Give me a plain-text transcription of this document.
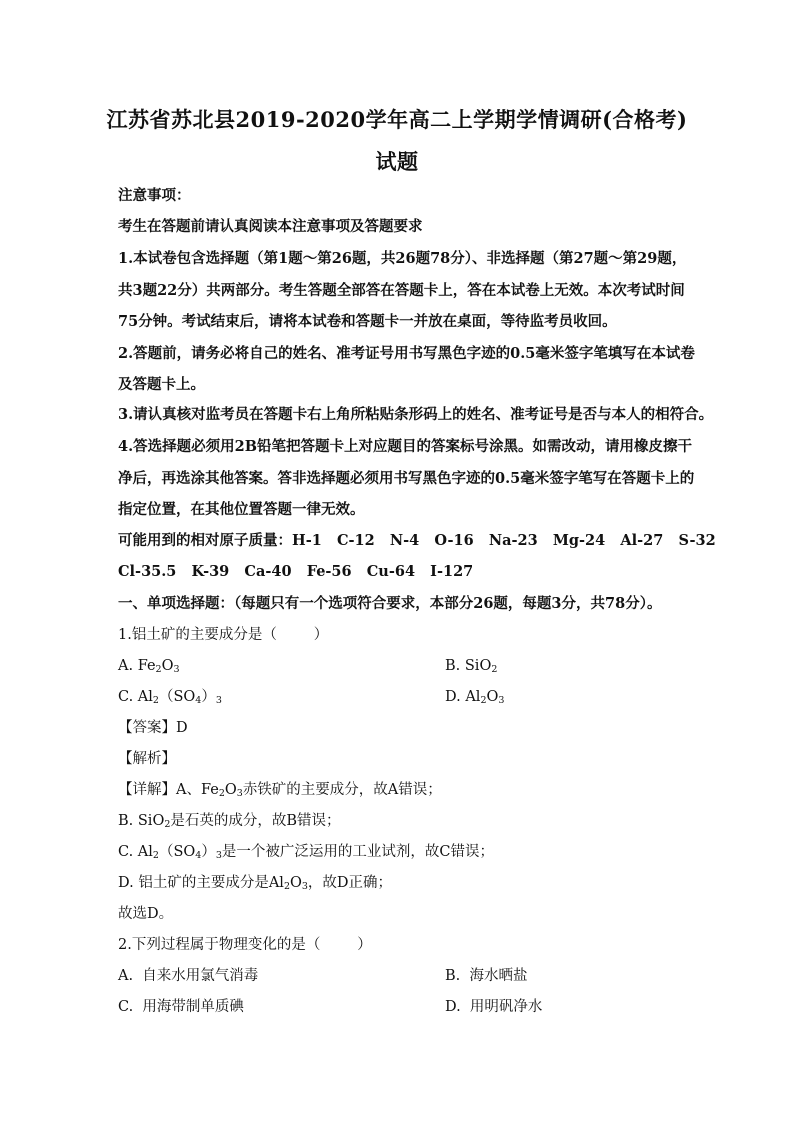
江苏省苏北县2019-2020学年高二上学期学情调研(合格考)
试题
注意事项：
考生在答题前请认真阅读本注意事项及答题要求
1.本试卷包含选择题（第1题～第26题，共26题78分）、非选择题（第27题～第29题，
共3题22分）共两部分。考生答题全部答在答题卡上，答在本试卷上无效。本次考试时间
75分钟。考试结束后，请将本试卷和答题卡一并放在桌面，等待监考员收回。
2.答题前，请务必将自己的姓名、准考证号用书写黑色字迹的0.5毫米签字笔填写在本试卷
及答题卡上。
3.请认真核对监考员在答题卡右上角所粘贴条形码上的姓名、准考证号是否与本人的相符合。
4.答选择题必须用2B铅笔把答题卡上对应题目的答案标号涂黑。如需改动，请用橡皮擦干
净后，再选涂其他答案。答非选择题必须用书写黑色字迹的0.5毫米签字笔写在答题卡上的
指定位置，在其他位置答题一律无效。
可能用到的相对原子质量：H-1   C-12   N-4   O-16   Na-23   Mg-24   Al-27   S-32
Cl-35.5   K-39   Ca-40   Fe-56   Cu-64   I-127
一、单项选择题：（每题只有一个选项符合要求，本部分26题，每题3分，共78分）。
1.铝土矿的主要成分是（        ）
A. $Fe_2O_3$	B. SiO$_2$
C. $Al_2(SO_4)_3$	D. $Al_2O_3$
【答案】D
【解析】
【详解】A、$Fe_2O_3$赤铁矿的主要成分，故A错误；
B. SiO$_2$是石英的成分，故B错误；
C. $Al_2(SO_4)_3$是一个被广泛运用的工业试剂，故C错误；
D. 铝土矿的主要成分是$Al_2O_3$，故D正确；
故选D。
2.下列过程属于物理变化的是（        ）
A.  自来水用氯气消毒	B.  海水晒盐
C.  用海带制单质碘	D.  用明矾净水
